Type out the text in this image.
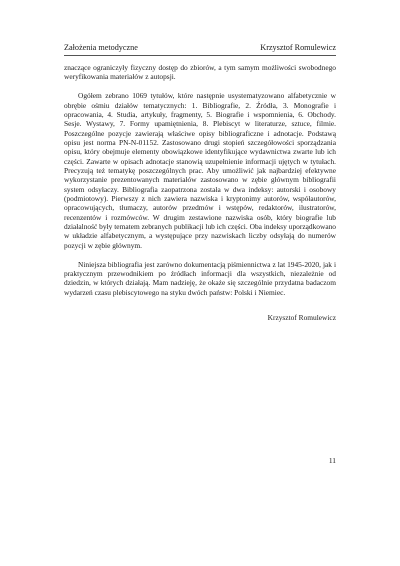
Założenia metodyczne	Krzysztof Romulewicz

znaczące ograniczyły fizyczny dostęp do zbiorów, a tym samym możliwości swobodnego weryfikowania materiałów z autopsji.

Ogółem zebrano 1069 tytułów, które następnie usystematyzowano alfabetycznie w obrębie ośmiu działów tematycznych: 1. Bibliografie, 2. Źródła, 3. Monografie i opracowania, 4. Studia, artykuły, fragmenty, 5. Biografie i wspomnienia, 6. Obchody. Sesje. Wystawy, 7. Formy upamiętnienia, 8. Plebiscyt w literaturze, sztuce, filmie. Poszczególne pozycje zawierają właściwe opisy bibliograficzne i adnotacje. Podstawą opisu jest norma PN-N-01152. Zastosowano drugi stopień szczegółowości sporządzania opisu, który obejmuje elementy obowiązkowe identyfikujące wydawnictwa zwarte lub ich części. Zawarte w opisach adnotacje stanowią uzupełnienie informacji ujętych w tytułach. Precyzują też tematykę poszczególnych prac. Aby umożliwić jak najbardziej efektywne wykorzystanie prezentowanych materiałów zastosowano w zębie głównym bibliografii system odsyłaczy. Bibliografia zaopatrzona została w dwa indeksy: autorski i osobowy (podmiotowy). Pierwszy z nich zawiera nazwiska i kryptonimy autorów, współautorów, opracowujących, tłumaczy, autorów przedmów i wstępów, redaktorów, ilustratorów, recenzentów i rozmówców. W drugim zestawione nazwiska osób, który biografie lub działalność były tematem zebranych publikacji lub ich części. Oba indeksy uporządkowano w układzie alfabetycznym, a występujące przy nazwiskach liczby odsyłają do numerów pozycji w zębie głównym.

Niniejsza bibliografia jest zarówno dokumentacją piśmiennictwa z lat 1945-2020, jak i praktycznym przewodnikiem po źródłach informacji dla wszystkich, niezależnie od dziedzin, w których działają. Mam nadzieję, że okaże się szczególnie przydatna badaczom wydarzeń czasu plebiscytowego na styku dwóch państw: Polski i Niemiec.

Krzysztof Romulewicz
11
